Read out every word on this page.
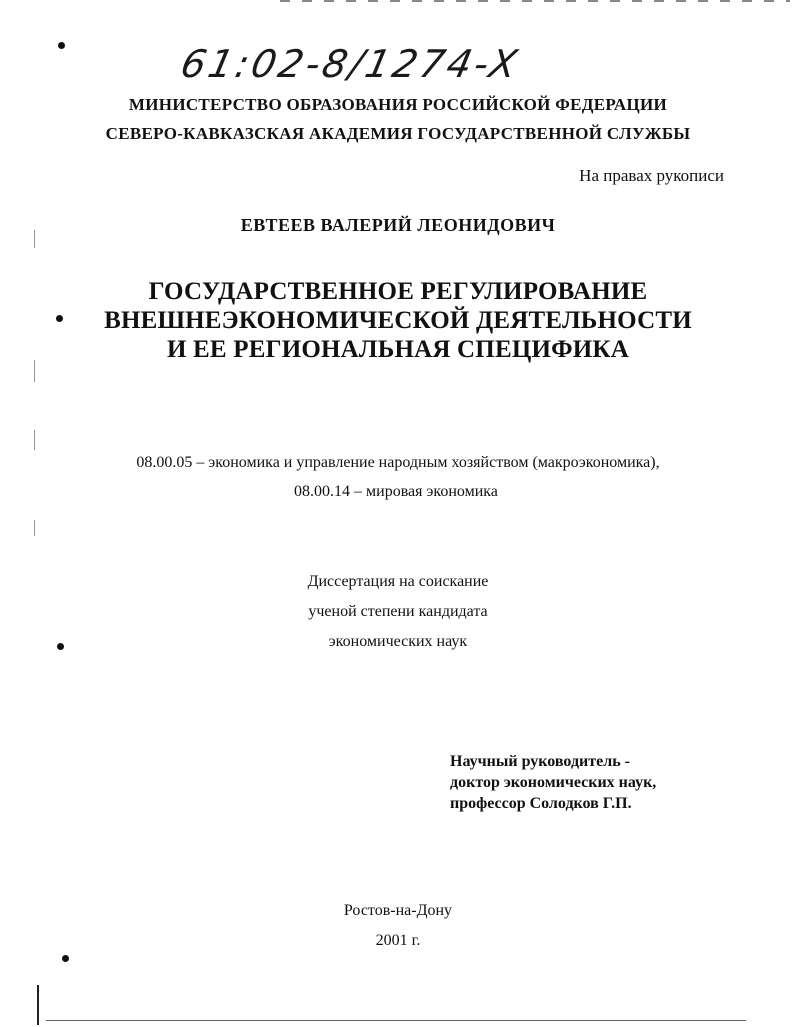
61:02-8/1274-X
МИНИСТЕРСТВО ОБРАЗОВАНИЯ РОССИЙСКОЙ ФЕДЕРАЦИИ
СЕВЕРО-КАВКАЗСКАЯ АКАДЕМИЯ ГОСУДАРСТВЕННОЙ СЛУЖБЫ
На правах рукописи
ЕВТЕЕВ ВАЛЕРИЙ ЛЕОНИДОВИЧ
ГОСУДАРСТВЕННОЕ РЕГУЛИРОВАНИЕ
ВНЕШНЕЭКОНОМИЧЕСКОЙ ДЕЯТЕЛЬНОСТИ
И ЕЕ РЕГИОНАЛЬНАЯ СПЕЦИФИКА
08.00.05 – экономика и управление народным хозяйством (макроэкономика),
08.00.14 – мировая экономика
Диссертация на соискание
ученой степени кандидата
экономических наук
Научный руководитель -
доктор экономических наук,
профессор Солодков Г.П.
Ростов-на-Дону
2001 г.
